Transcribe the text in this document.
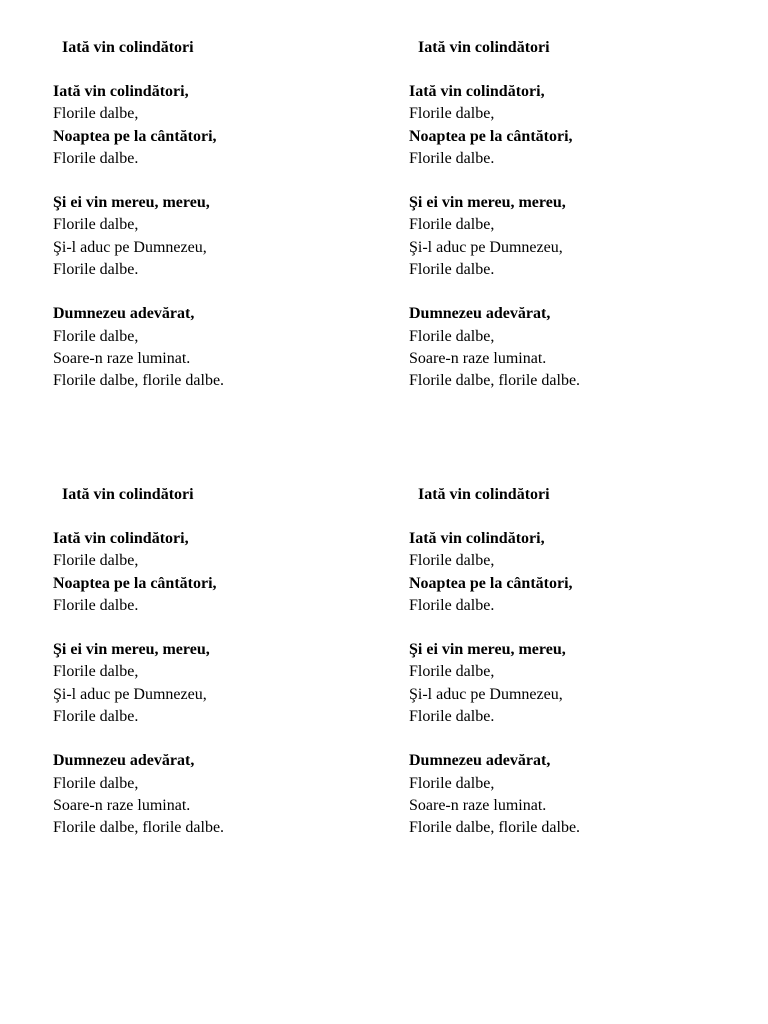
Iată vin colindători
Iată vin colindători,
Florile dalbe,
Noaptea pe la cântători,
Florile dalbe.
Şi ei vin mereu, mereu,
Florile dalbe,
Şi-l aduc pe Dumnezeu,
Florile dalbe.
Dumnezeu adevărat,
Florile dalbe,
Soare-n raze luminat.
Florile dalbe, florile dalbe.
Iată vin colindători
Iată vin colindători,
Florile dalbe,
Noaptea pe la cântători,
Florile dalbe.
Şi ei vin mereu, mereu,
Florile dalbe,
Şi-l aduc pe Dumnezeu,
Florile dalbe.
Dumnezeu adevărat,
Florile dalbe,
Soare-n raze luminat.
Florile dalbe, florile dalbe.
Iată vin colindători
Iată vin colindători,
Florile dalbe,
Noaptea pe la cântători,
Florile dalbe.
Şi ei vin mereu, mereu,
Florile dalbe,
Şi-l aduc pe Dumnezeu,
Florile dalbe.
Dumnezeu adevărat,
Florile dalbe,
Soare-n raze luminat.
Florile dalbe, florile dalbe.
Iată vin colindători
Iată vin colindători,
Florile dalbe,
Noaptea pe la cântători,
Florile dalbe.
Şi ei vin mereu, mereu,
Florile dalbe,
Şi-l aduc pe Dumnezeu,
Florile dalbe.
Dumnezeu adevărat,
Florile dalbe,
Soare-n raze luminat.
Florile dalbe, florile dalbe.
